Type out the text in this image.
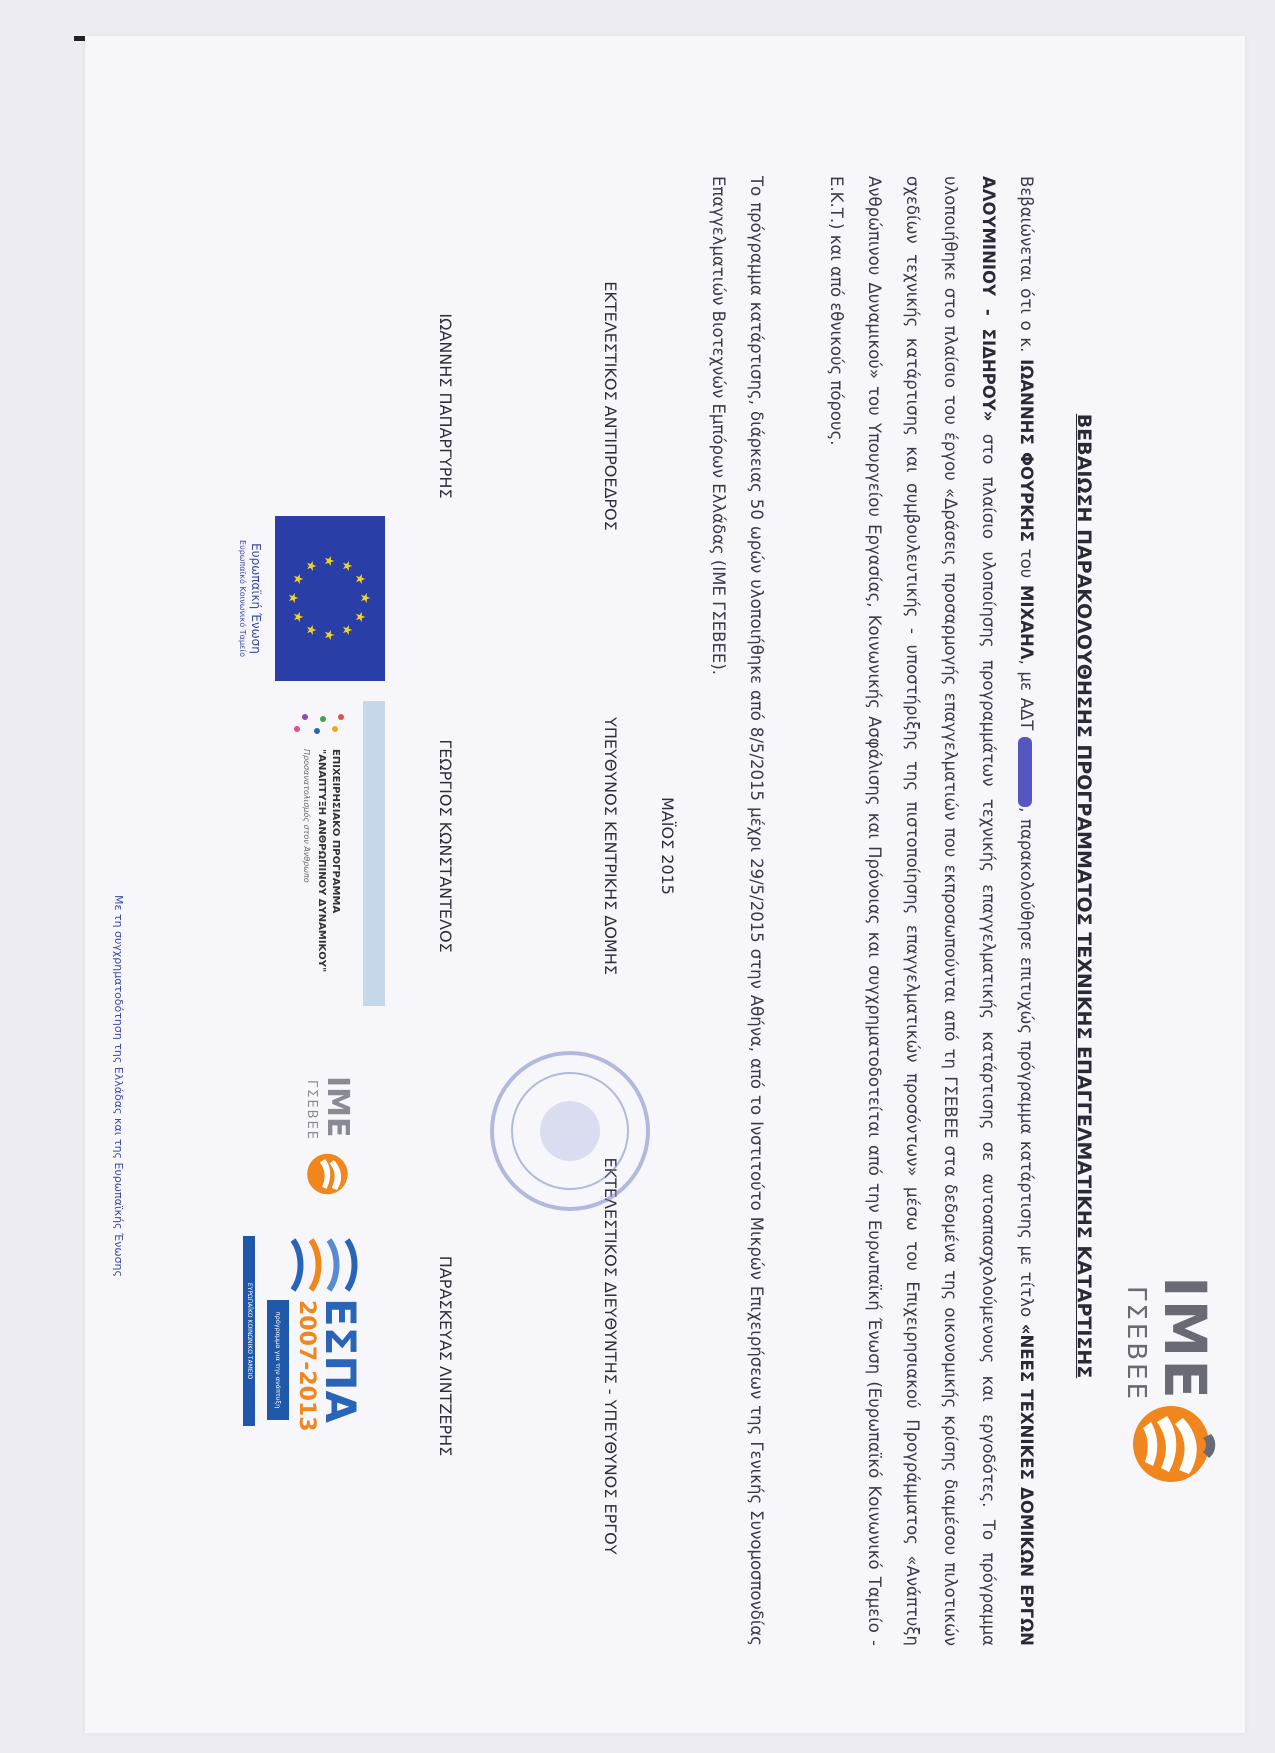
IME
ΓΣΕΒΕΕ
ΒΕΒΑΙΩΣΗ ΠΑΡΑΚΟΛΟΥΘΗΣΗΣ ΠΡΟΓΡΑΜΜΑΤΟΣ ΤΕΧΝΙΚΗΣ ΕΠΑΓΓΕΛΜΑΤΙΚΗΣ ΚΑΤΑΡΤΙΣΗΣ
Βεβαιώνεται ότι ο κ. ΙΩΑΝΝΗΣ ΦΟΥΡΚΗΣ του ΜΙΧΑΗΛ, με ΑΔΤ , παρακολούθησε επιτυχώς πρόγραμμα κατάρτισης με τίτλο «ΝΕΕΣ ΤΕΧΝΙΚΕΣ ΔΟΜΙΚΩΝ ΕΡΓΩΝ ΑΛΟΥΜΙΝΙΟΥ - ΣΙΔΗΡΟΥ» στο πλαίσιο υλοποίησης προγραμμάτων τεχνικής επαγγελματικής κατάρτισης σε αυτοαπασχολούμενους και εργοδότες. Το πρόγραμμα υλοποιήθηκε στο πλαίσιο του έργου «Δράσεις προσαρμογής επαγγελματιών που εκπροσωπούνται από τη ΓΣΕΒΕΕ στα δεδομένα της οικονομικής κρίσης διαμέσου πιλοτικών σχεδίων τεχνικής κατάρτισης και συμβουλευτικής - υποστήριξης της πιστοποίησης επαγγελματικών προσόντων» μέσω του Επιχειρησιακού Προγράμματος «Ανάπτυξη Ανθρώπινου Δυναμικού» του Υπουργείου Εργασίας, Κοινωνικής Ασφάλισης και Πρόνοιας και συγχρηματοδοτείται από την Ευρωπαϊκή Ένωση (Ευρωπαϊκό Κοινωνικό Ταμείο - Ε.Κ.Τ.) και από εθνικούς πόρους.
Το πρόγραμμα κατάρτισης, διάρκειας 50 ωρών υλοποιήθηκε από 8/5/2015 μέχρι 29/5/2015 στην Αθήνα, από το Ινστιτούτο Μικρών Επιχειρήσεων της Γενικής Συνομοσπονδίας Επαγγελματιών Βιοτεχνών Εμπόρων Ελλάδας (ΙΜΕ ΓΣΕΒΕΕ).
ΜΑΪΟΣ 2015
ΕΚΤΕΛΕΣΤΙΚΟΣ ΑΝΤΙΠΡΟΕΔΡΟΣ
ΥΠΕΥΘΥΝΟΣ ΚΕΝΤΡΙΚΗΣ ΔΟΜΗΣ
ΕΚΤΕΛΕΣΤΙΚΟΣ ΔΙΕΥΘΥΝΤΗΣ - ΥΠΕΥΘΥΝΟΣ ΕΡΓΟΥ
ΙΩΑΝΝΗΣ ΠΑΠΑΡΓΥΡΗΣ
ΓΕΩΡΓΙΟΣ ΚΩΝΣΤΑΝΤΕΛΟΣ
ΠΑΡΑΣΚΕΥΑΣ ΛΙΝΤΖΕΡΗΣ
★
★
★
★
★
★
★
★
★ ★ ★
★
Ευρωπαϊκή Ένωση
Ευρωπαϊκό Κοινωνικό Ταμείο
ΕΠΙΧΕΙΡΗΣΙΑΚΟ ΠΡΟΓΡΑΜΜΑ
"ΑΝΑΠΤΥΞΗ ΑΝΘΡΩΠΙΝΟΥ ΔΥΝΑΜΙΚΟΥ"
Προσανατολισμός στον Άνθρωπο
IME
ΓΣΕΒΕΕ
ΕΣΠΑ
2007-2013
πρόγραμμα για την ανάπτυξη
ΕΥΡΩΠΑΪΚΟ ΚΟΙΝΩΝΙΚΟ ΤΑΜΕΙΟ
Με τη συγχρηματοδότηση της Ελλάδας και της Ευρωπαϊκής Ένωσης
